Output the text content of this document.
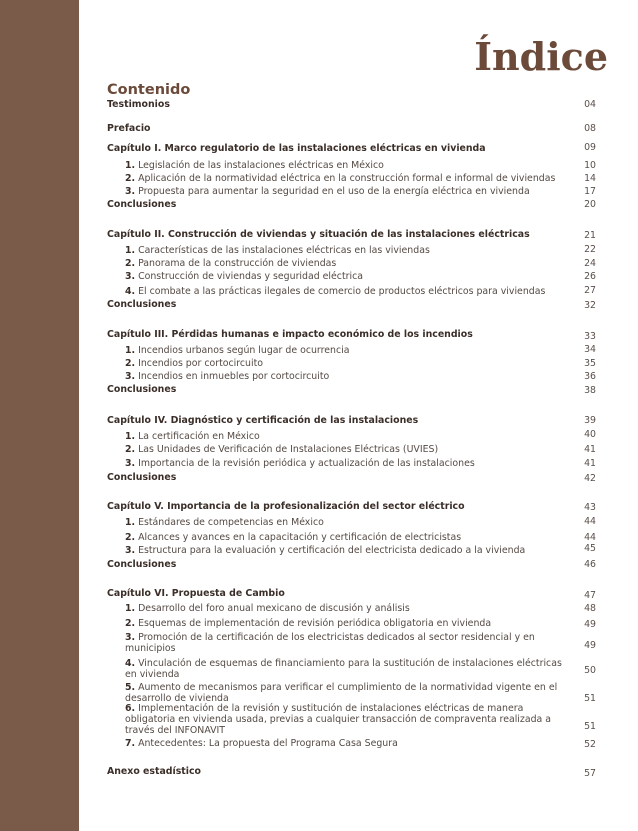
Índice
Contenido
Testimonios	04
Prefacio	08
Capítulo I. Marco regulatorio de las instalaciones eléctricas en vivienda	09
1. Legislación de las instalaciones eléctricas en México	10
2. Aplicación de la normatividad eléctrica en la construcción formal e informal de viviendas	14
3. Propuesta para aumentar la seguridad en el uso de la energía eléctrica en vivienda	17
Conclusiones	20
Capítulo II. Construcción de viviendas y situación de las instalaciones eléctricas	21
1. Características de las instalaciones eléctricas en las viviendas	22
2. Panorama de la construcción de viviendas	24
3. Construcción de viviendas y seguridad eléctrica	26
4. El combate a las prácticas ilegales de comercio de productos eléctricos para viviendas	27
Conclusiones	32
Capítulo III. Pérdidas humanas e impacto económico de los incendios	33
1. Incendios urbanos según lugar de ocurrencia	34
2. Incendios por cortocircuito	35
3. Incendios en inmuebles por cortocircuito	36
Conclusiones	38
Capítulo IV. Diagnóstico y certificación de las instalaciones	39
1. La certificación en México	40
2. Las Unidades de Verificación de Instalaciones Eléctricas (UVIES)	41
3. Importancia de la revisión periódica y actualización de las instalaciones	41
Conclusiones	42
Capítulo V. Importancia de la profesionalización del sector eléctrico	43
1. Estándares de competencias en México	44
2. Alcances y avances en la capacitación y certificación de electricistas	44
3. Estructura para la evaluación y certificación del electricista dedicado a la vivienda	45
Conclusiones	46
Capítulo VI. Propuesta de Cambio	47
1. Desarrollo del foro anual mexicano de discusión y análisis	48
2. Esquemas de implementación de revisión periódica obligatoria en vivienda	49
3. Promoción de la certificación de los electricistas dedicados al sector residencial y en municipios	49
4. Vinculación de esquemas de financiamiento para la sustitución de instalaciones eléctricas en vivienda	50
5. Aumento de mecanismos para verificar el cumplimiento de la normatividad vigente en el desarrollo de vivienda	51
6. Implementación de la revisión y sustitución de instalaciones eléctricas de manera obligatoria en vivienda usada, previas a cualquier transacción de compraventa realizada a través del INFONAVIT	51
7. Antecedentes: La propuesta del Programa Casa Segura	52
Anexo estadístico	57
